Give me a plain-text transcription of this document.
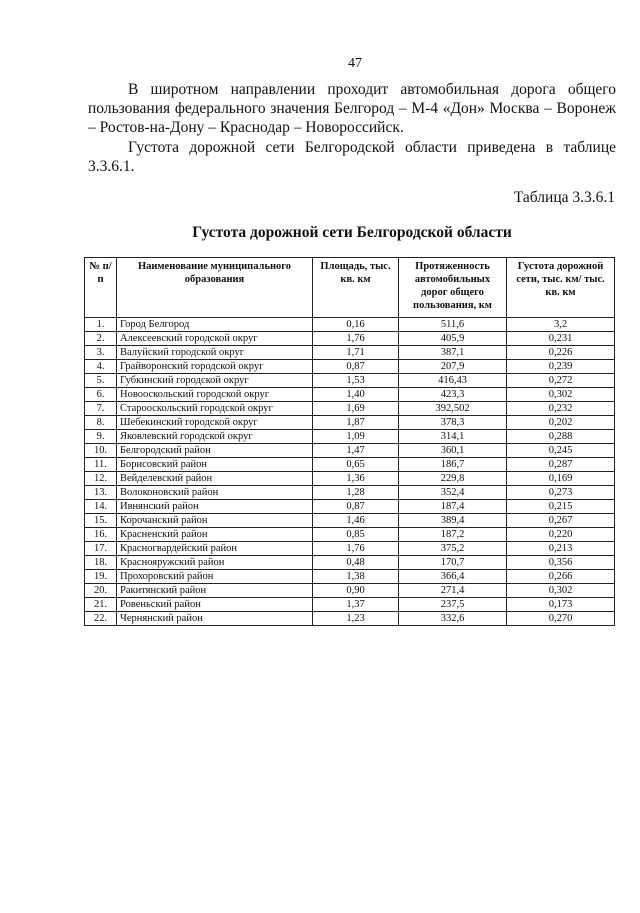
47

В широтном направлении проходит автомобильная дорога общего пользования федерального значения Белгород – М-4 «Дон» Москва – Воронеж – Ростов-на-Дону – Краснодар – Новороссийск.

Густота дорожной сети Белгородской области приведена в таблице 3.3.6.1.

Таблица 3.3.6.1
Густота дорожной сети Белгородской области
№ п/п	Наименование муниципального образования	Площадь, тыс. кв. км	Протяженность автомобильных дорог общего пользования, км	Густота дорожной сети, тыс. км/ тыс. кв. км
1.	Город Белгород	0,16	511,6	3,2
2.	Алексеевский городской округ	1,76	405,9	0,231
3.	Валуйский городской округ	1,71	387,1	0,226
4.	Грайворонский городской округ	0,87	207,9	0,239
5.	Губкинский городской округ	1,53	416,43	0,272
6.	Новооскольский городской округ	1,40	423,3	0,302
7.	Старооскольский городской округ	1,69	392,502	0,232
8.	Шебекинский городской округ	1,87	378,3	0,202
9.	Яковлевский городской округ	1,09	314,1	0,288
10.	Белгородский район	1,47	360,1	0,245
11.	Борисовский район	0,65	186,7	0,287
12.	Вейделевский район	1,36	229,8	0,169
13.	Волоконовский район	1,28	352,4	0,273
14.	Ивнянский район	0,87	187,4	0,215
15.	Корочанский район	1,46	389,4	0,267
16.	Красненский район	0,85	187,2	0,220
17.	Красногвардейский район	1,76	375,2	0,213
18.	Краснояружский район	0,48	170,7	0,356
19.	Прохоровский район	1,38	366,4	0,266
20.	Ракитянский район	0,90	271,4	0,302
21.	Ровеньский район	1,37	237,5	0,173
22.	Чернянский район	1,23	332,6	0,270
